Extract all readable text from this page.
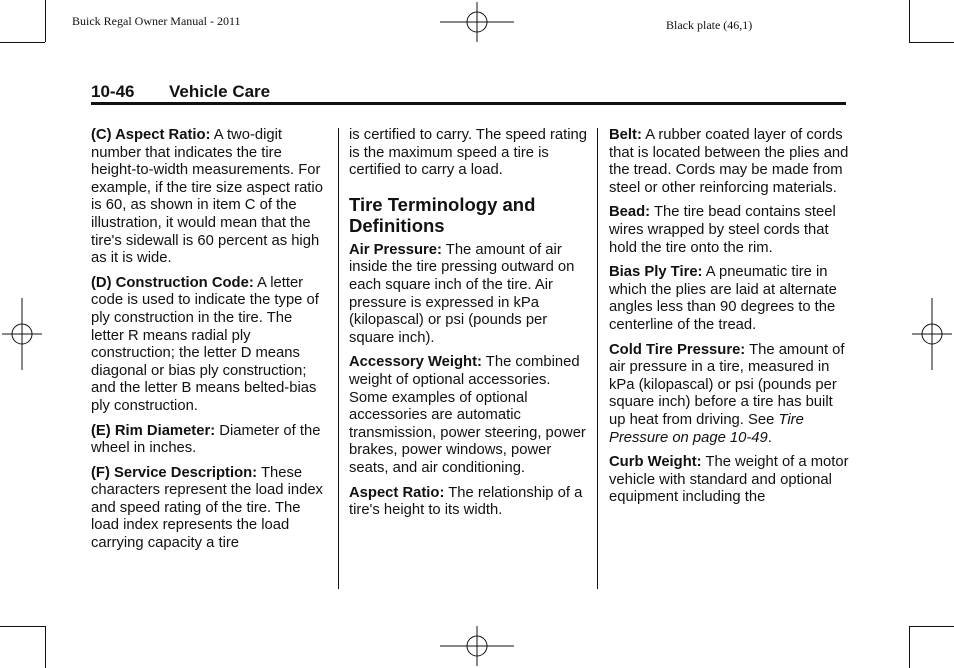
Buick Regal Owner Manual - 2011	Black plate (46,1)
10-46 Vehicle Care

(C) Aspect Ratio: A two-digit number that indicates the tire height-to-width measurements. For example, if the tire size aspect ratio is 60, as shown in item C of the illustration, it would mean that the tire's sidewall is 60 percent as high as it is wide.

(D) Construction Code: A letter code is used to indicate the type of ply construction in the tire. The letter R means radial ply construction; the letter D means diagonal or bias ply construction; and the letter B means belted-bias ply construction.

(E) Rim Diameter: Diameter of the wheel in inches.

(F) Service Description: These characters represent the load index and speed rating of the tire. The load index represents the load carrying capacity a tire

is certified to carry. The speed rating is the maximum speed a tire is certified to carry a load.

Tire Terminology and Definitions

Air Pressure: The amount of air inside the tire pressing outward on each square inch of the tire. Air pressure is expressed in kPa (kilopascal) or psi (pounds per square inch).

Accessory Weight: The combined weight of optional accessories. Some examples of optional accessories are automatic transmission, power steering, power brakes, power windows, power seats, and air conditioning.

Aspect Ratio: The relationship of a tire's height to its width.

Belt: A rubber coated layer of cords that is located between the plies and the tread. Cords may be made from steel or other reinforcing materials.

Bead: The tire bead contains steel wires wrapped by steel cords that hold the tire onto the rim.

Bias Ply Tire: A pneumatic tire in which the plies are laid at alternate angles less than 90 degrees to the centerline of the tread.

Cold Tire Pressure: The amount of air pressure in a tire, measured in kPa (kilopascal) or psi (pounds per square inch) before a tire has built up heat from driving. See Tire Pressure on page 10-49.

Curb Weight: The weight of a motor vehicle with standard and optional equipment including the
